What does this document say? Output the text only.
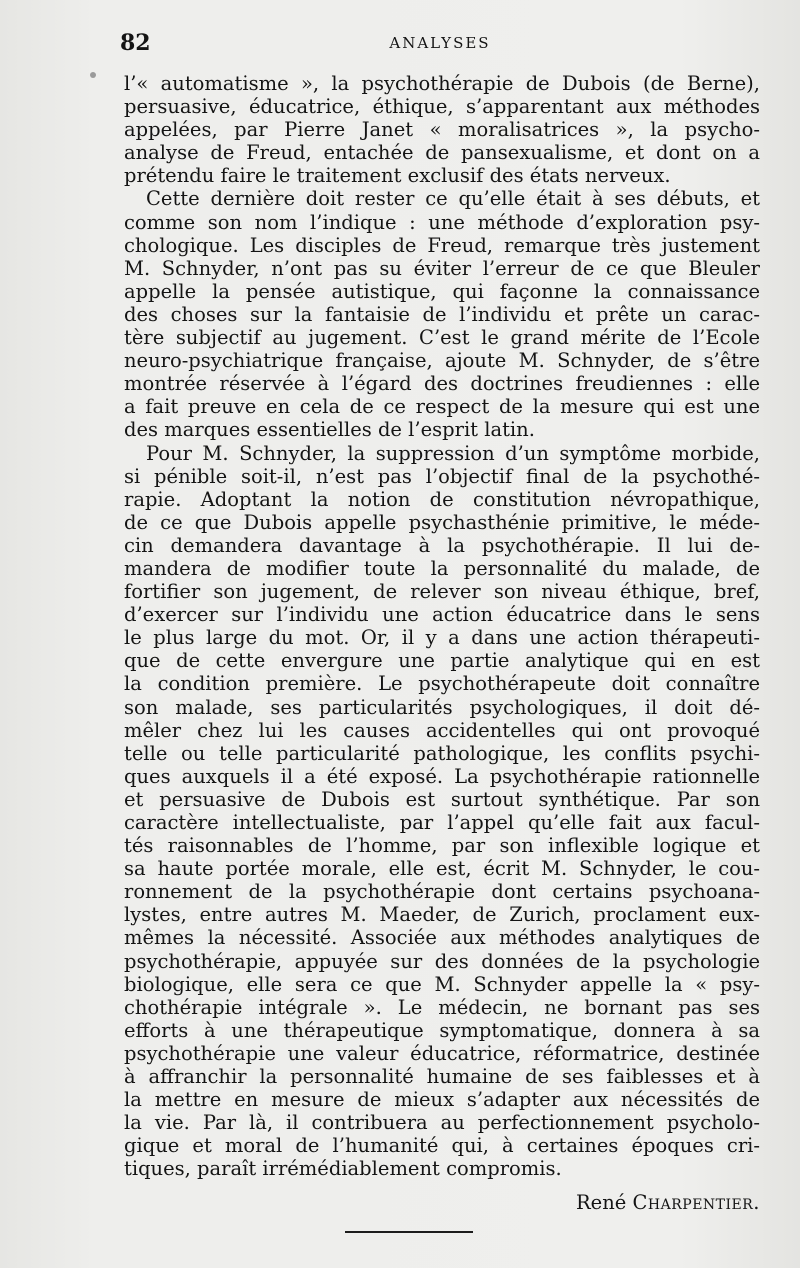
82	ANALYSES
l’« automatisme », la psychothérapie de Dubois (de Berne),
persuasive, éducatrice, éthique, s’apparentant aux méthodes
appelées, par Pierre Janet « moralisatrices », la psycho-
analyse de Freud, entachée de pansexualisme, et dont on a
prétendu faire le traitement exclusif des états nerveux.
Cette dernière doit rester ce qu’elle était à ses débuts, et
comme son nom l’indique : une méthode d’exploration psy-
chologique. Les disciples de Freud, remarque très justement
M. Schnyder, n’ont pas su éviter l’erreur de ce que Bleuler
appelle la pensée autistique, qui façonne la connaissance
des choses sur la fantaisie de l’individu et prête un carac-
tère subjectif au jugement. C’est le grand mérite de l’Ecole
neuro-psychiatrique française, ajoute M. Schnyder, de s’être
montrée réservée à l’égard des doctrines freudiennes : elle
a fait preuve en cela de ce respect de la mesure qui est une
des marques essentielles de l’esprit latin.
Pour M. Schnyder, la suppression d’un symptôme morbide,
si pénible soit-il, n’est pas l’objectif final de la psychothé-
rapie. Adoptant la notion de constitution névropathique,
de ce que Dubois appelle psychasthénie primitive, le méde-
cin demandera davantage à la psychothérapie. Il lui de-
mandera de modifier toute la personnalité du malade, de
fortifier son jugement, de relever son niveau éthique, bref,
d’exercer sur l’individu une action éducatrice dans le sens
le plus large du mot. Or, il y a dans une action thérapeuti-
que de cette envergure une partie analytique qui en est
la condition première. Le psychothérapeute doit connaître
son malade, ses particularités psychologiques, il doit dé-
mêler chez lui les causes accidentelles qui ont provoqué
telle ou telle particularité pathologique, les conflits psychi-
ques auxquels il a été exposé. La psychothérapie rationnelle
et persuasive de Dubois est surtout synthétique. Par son
caractère intellectualiste, par l’appel qu’elle fait aux facul-
tés raisonnables de l’homme, par son inflexible logique et
sa haute portée morale, elle est, écrit M. Schnyder, le cou-
ronnement de la psychothérapie dont certains psychoana-
lystes, entre autres M. Maeder, de Zurich, proclament eux-
mêmes la nécessité. Associée aux méthodes analytiques de
psychothérapie, appuyée sur des données de la psychologie
biologique, elle sera ce que M. Schnyder appelle la « psy-
chothérapie intégrale ». Le médecin, ne bornant pas ses
efforts à une thérapeutique symptomatique, donnera à sa
psychothérapie une valeur éducatrice, réformatrice, destinée
à affranchir la personnalité humaine de ses faiblesses et à
la mettre en mesure de mieux s’adapter aux nécessités de
la vie. Par là, il contribuera au perfectionnement psycholo-
gique et moral de l’humanité qui, à certaines époques cri-
tiques, paraît irrémédiablement compromis.
René Charpentier.
